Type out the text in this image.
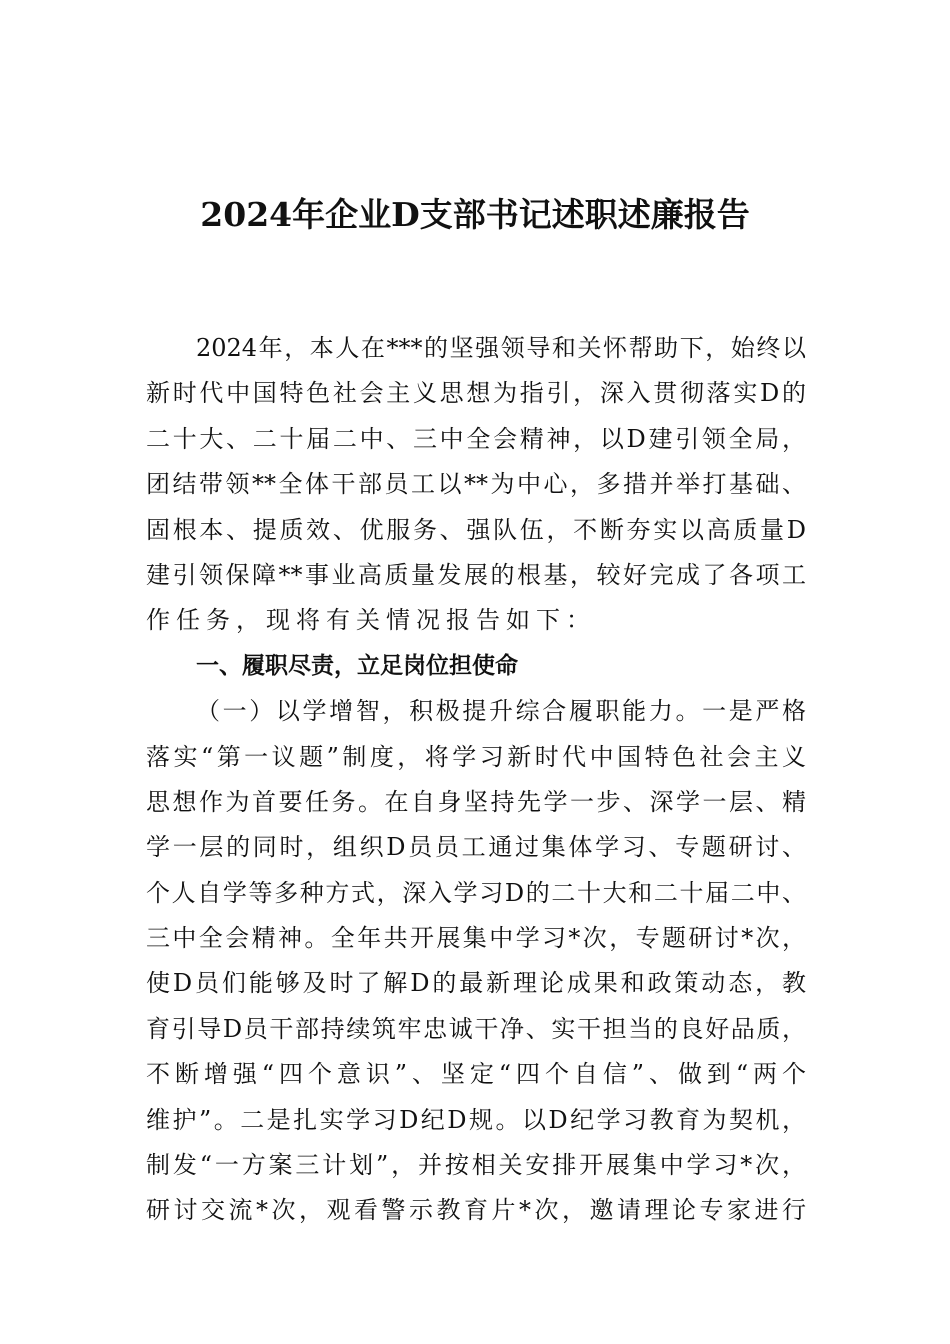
2024年企业D支部书记述职述廉报告
2024年，本人在***的坚强领导和关怀帮助下，始终以
新时代中国特色社会主义思想为指引，深入贯彻落实D的
二十大、二十届二中、三中全会精神，以D建引领全局，
团结带领**全体干部员工以**为中心，多措并举打基础、
固根本、提质效、优服务、强队伍，不断夯实以高质量D
建引领保障**事业高质量发展的根基，较好完成了各项工
作任务，现将有关情况报告如下：
一、履职尽责，立足岗位担使命
（一）以学增智，积极提升综合履职能力。一是严格
落实“第一议题”制度，将学习新时代中国特色社会主义
思想作为首要任务。在自身坚持先学一步、深学一层、精
学一层的同时，组织D员员工通过集体学习、专题研讨、
个人自学等多种方式，深入学习D的二十大和二十届二中、
三中全会精神。全年共开展集中学习*次，专题研讨*次，
使D员们能够及时了解D的最新理论成果和政策动态，教
育引导D员干部持续筑牢忠诚干净、实干担当的良好品质，
不断增强“四个意识”、坚定“四个自信”、做到“两个
维护”。二是扎实学习D纪D规。以D纪学习教育为契机，
制发“一方案三计划”，并按相关安排开展集中学习*次，
研讨交流*次，观看警示教育片*次，邀请理论专家进行
